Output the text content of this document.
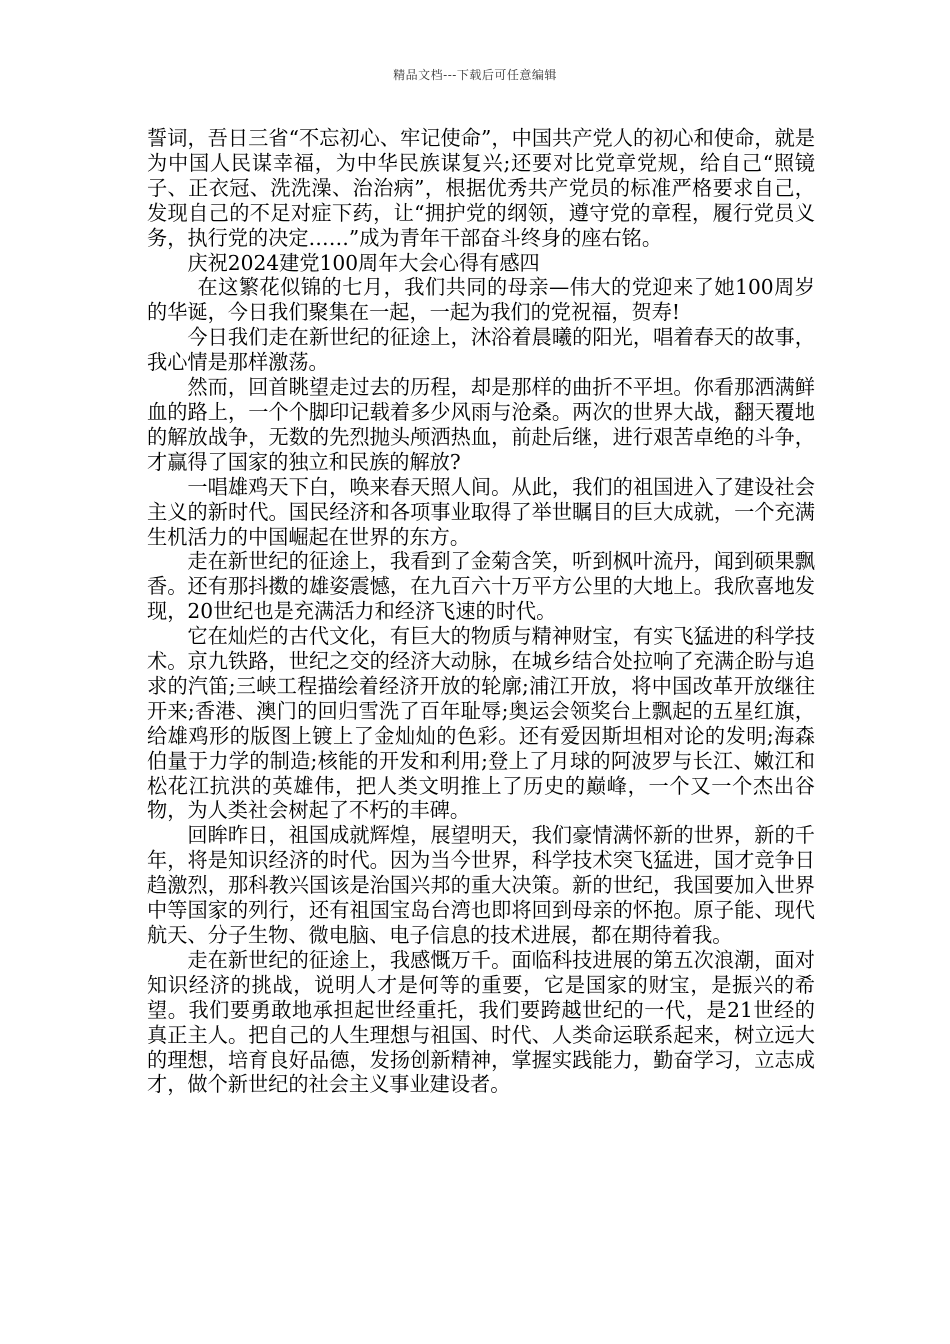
精品文档---下载后可任意编辑

誓词，吾日三省“不忘初心、牢记使命”，中国共产党人的初心和使命，就是为中国人民谋幸福，为中华民族谋复兴;还要对比党章党规，给自己“照镜子、正衣冠、洗洗澡、治治病”，根据优秀共产党员的标准严格要求自己，发现自己的不足对症下药，让“拥护党的纲领，遵守党的章程，履行党员义务，执行党的决定……”成为青年干部奋斗终身的座右铭。

庆祝2024建党100周年大会心得有感四

在这繁花似锦的七月，我们共同的母亲—伟大的党迎来了她100周岁的华诞，今日我们聚集在一起，一起为我们的党祝福，贺寿!

今日我们走在新世纪的征途上，沐浴着晨曦的阳光，唱着春天的故事，我心情是那样激荡。

然而，回首眺望走过去的历程，却是那样的曲折不平坦。你看那洒满鲜血的路上，一个个脚印记载着多少风雨与沧桑。两次的世界大战，翻天覆地的解放战争，无数的先烈抛头颅洒热血，前赴后继，进行艰苦卓绝的斗争，才赢得了国家的独立和民族的解放?

一唱雄鸡天下白，唤来春天照人间。从此，我们的祖国进入了建设社会主义的新时代。国民经济和各项事业取得了举世瞩目的巨大成就，一个充满生机活力的中国崛起在世界的东方。

走在新世纪的征途上，我看到了金菊含笑，听到枫叶流丹，闻到硕果飘香。还有那抖擞的雄姿震憾，在九百六十万平方公里的大地上。我欣喜地发现，20世纪也是充满活力和经济飞速的时代。

它在灿烂的古代文化，有巨大的物质与精神财宝，有实飞猛进的科学技术。京九铁路，世纪之交的经济大动脉，在城乡结合处拉响了充满企盼与追求的汽笛;三峡工程描绘着经济开放的轮廓;浦江开放，将中国改革开放继往开来;香港、澳门的回归雪洗了百年耻辱;奥运会领奖台上飘起的五星红旗，给雄鸡形的版图上镀上了金灿灿的色彩。还有爱因斯坦相对论的发明;海森伯量于力学的制造;核能的开发和利用;登上了月球的阿波罗与长江、嫩江和松花江抗洪的英雄伟，把人类文明推上了历史的巅峰，一个又一个杰出谷物，为人类社会树起了不朽的丰碑。

回眸昨日，祖国成就辉煌，展望明天，我们豪情满怀新的世界，新的千年，将是知识经济的时代。因为当今世界，科学技术突飞猛进，国才竞争日趋激烈，那科教兴国该是治国兴邦的重大决策。新的世纪，我国要加入世界中等国家的列行，还有祖国宝岛台湾也即将回到母亲的怀抱。原子能、现代航天、分子生物、微电脑、电子信息的技术进展，都在期待着我。

走在新世纪的征途上，我感慨万千。面临科技进展的第五次浪潮，面对知识经济的挑战，说明人才是何等的重要，它是国家的财宝，是振兴的希望。我们要勇敢地承担起世经重托，我们要跨越世纪的一代，是21世经的真正主人。把自己的人生理想与祖国、时代、人类命运联系起来，树立远大的理想，培育良好品德，发扬创新精神，掌握实践能力，勤奋学习，立志成才，做个新世纪的社会主义事业建设者。
